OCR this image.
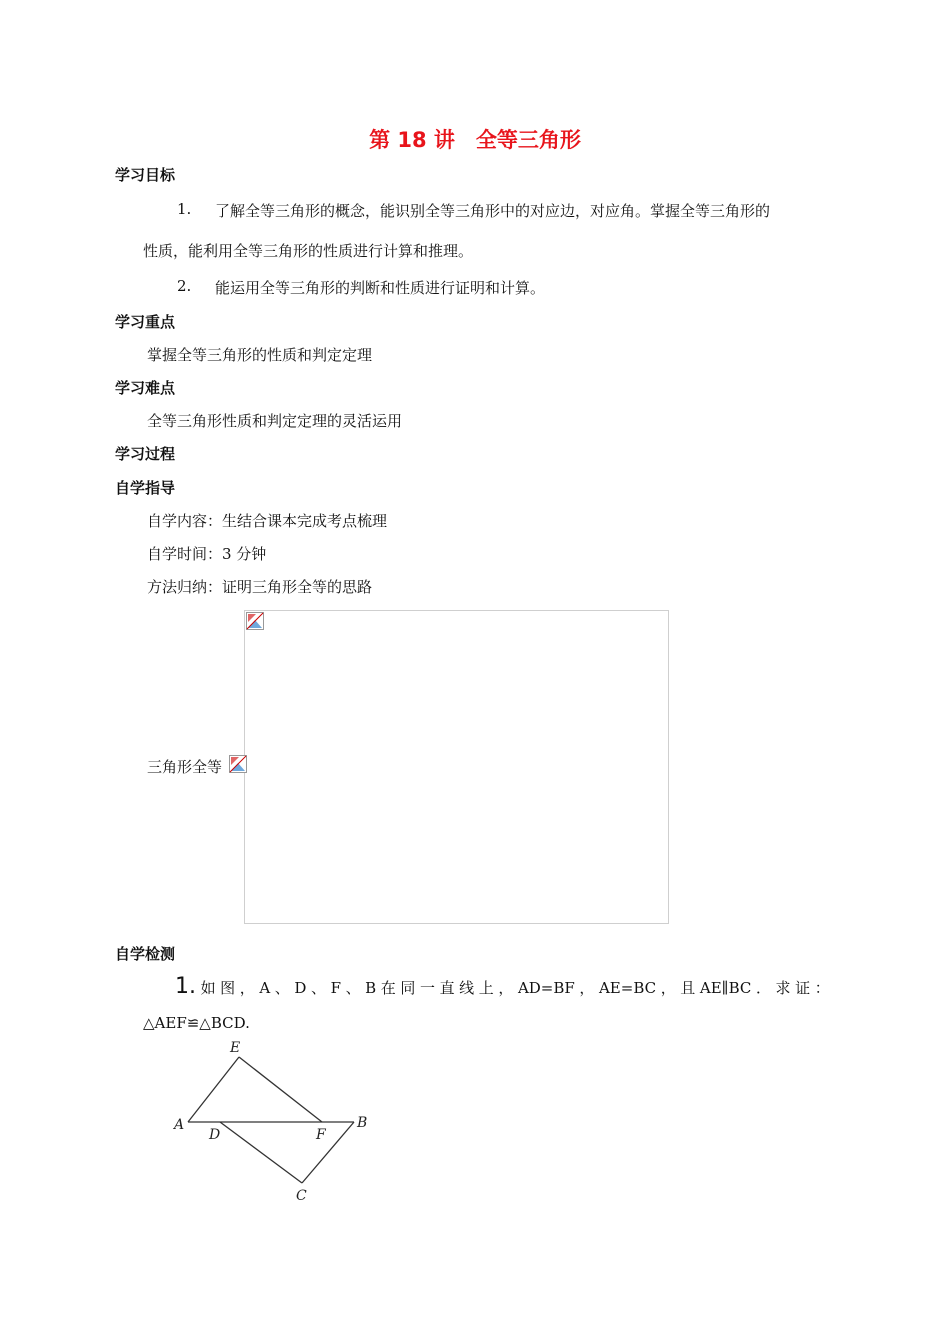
第 18 讲　全等三角形
学习目标
1. 了解全等三角形的概念，能识别全等三角形中的对应边，对应角。掌握全等三角形的
性质，能利用全等三角形的性质进行计算和推理。
2. 能运用全等三角形的判断和性质进行证明和计算。
学习重点
掌握全等三角形的性质和判定定理
学习难点
全等三角形性质和判定定理的灵活运用
学习过程
自学指导
自学内容：生结合课本完成考点梳理
自学时间：3 分钟
方法归纳：证明三角形全等的思路
三角形全等
自学检测
1. 如 图 ， A 、 D 、 F 、 B 在 同 一 直 线 上 ， AD=BF ， AE=BC ， 且 AE∥BC ． 求 证 ：
△AEF≌△BCD.
E
A
D	F
B
C
